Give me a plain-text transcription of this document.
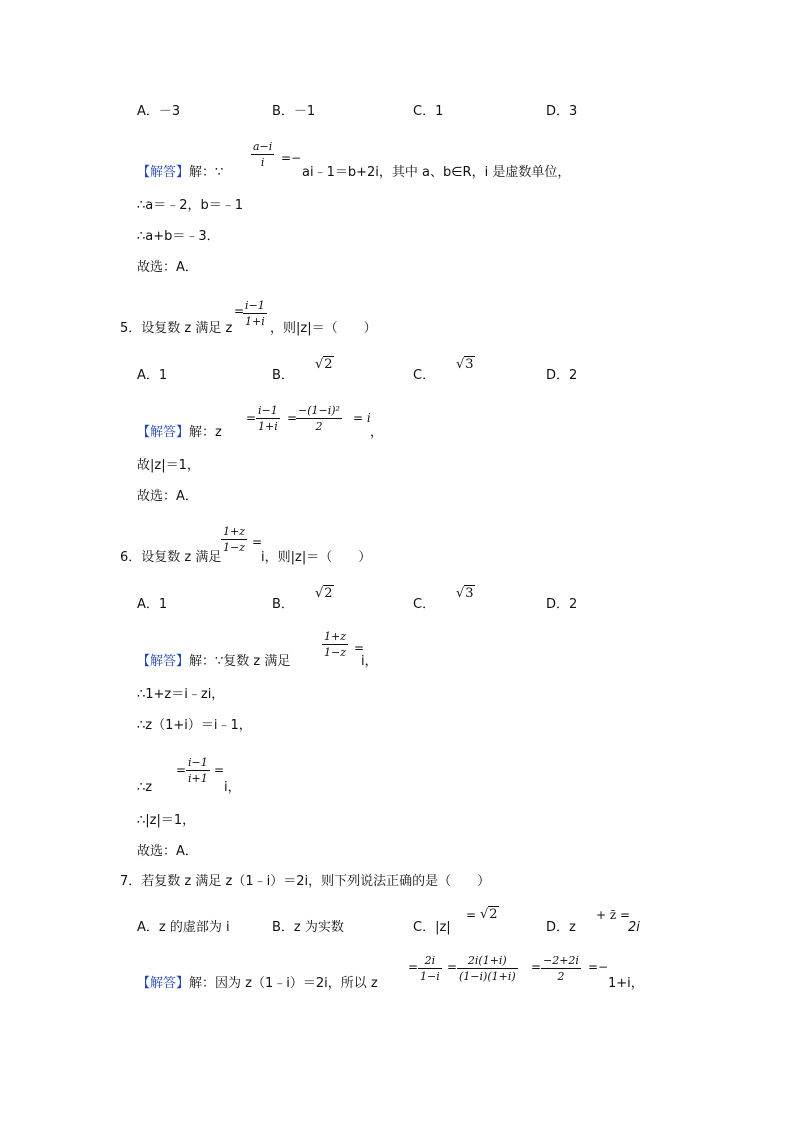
A．－3	B．－1	C．1	D．3
【解答】解：∵
a−i
i	=−
ai﹣1＝b+2i，其中 a、b∈R，i 是虚数单位，
∴a＝﹣2，b＝﹣1
∴a+b＝﹣3．
故选：A．
5．设复数 z 满足 z
= i−1
1+i ，则|z|＝（　　）
A．1	B．
√2
C．
√3
D．2
【解答】解：z
=
i−1
1+i
=
−(1−i)²
2
= i
，
故|z|＝1，
故选：A．
1+z
1−z =
6．设复数 z 满足	i，则|z|＝（　　）
A．1	B．
√2
C．
√3
D．2
【解答】解：∵复数 z 满足
1+z
1−z =
i，
∴1+z＝i﹣zi，
∴z（1+i）＝i﹣1，
∴z
=
i−1
i+1
=
i，
∴|z|＝1，
故选：A．
7．若复数 z 满足 z（1﹣i）＝2i，则下列说法正确的是（　　）
A．z 的虚部为 i	B．z 为实数	C．|z|
= √2
D．z
+ z̄ =
2i
【解答】解：因为 z（1﹣i）＝2i，所以 z
= 2i
1−i
= 2i(1+i)
(1−i)(1+i)
= −2+2i
2
=−
1+i，
